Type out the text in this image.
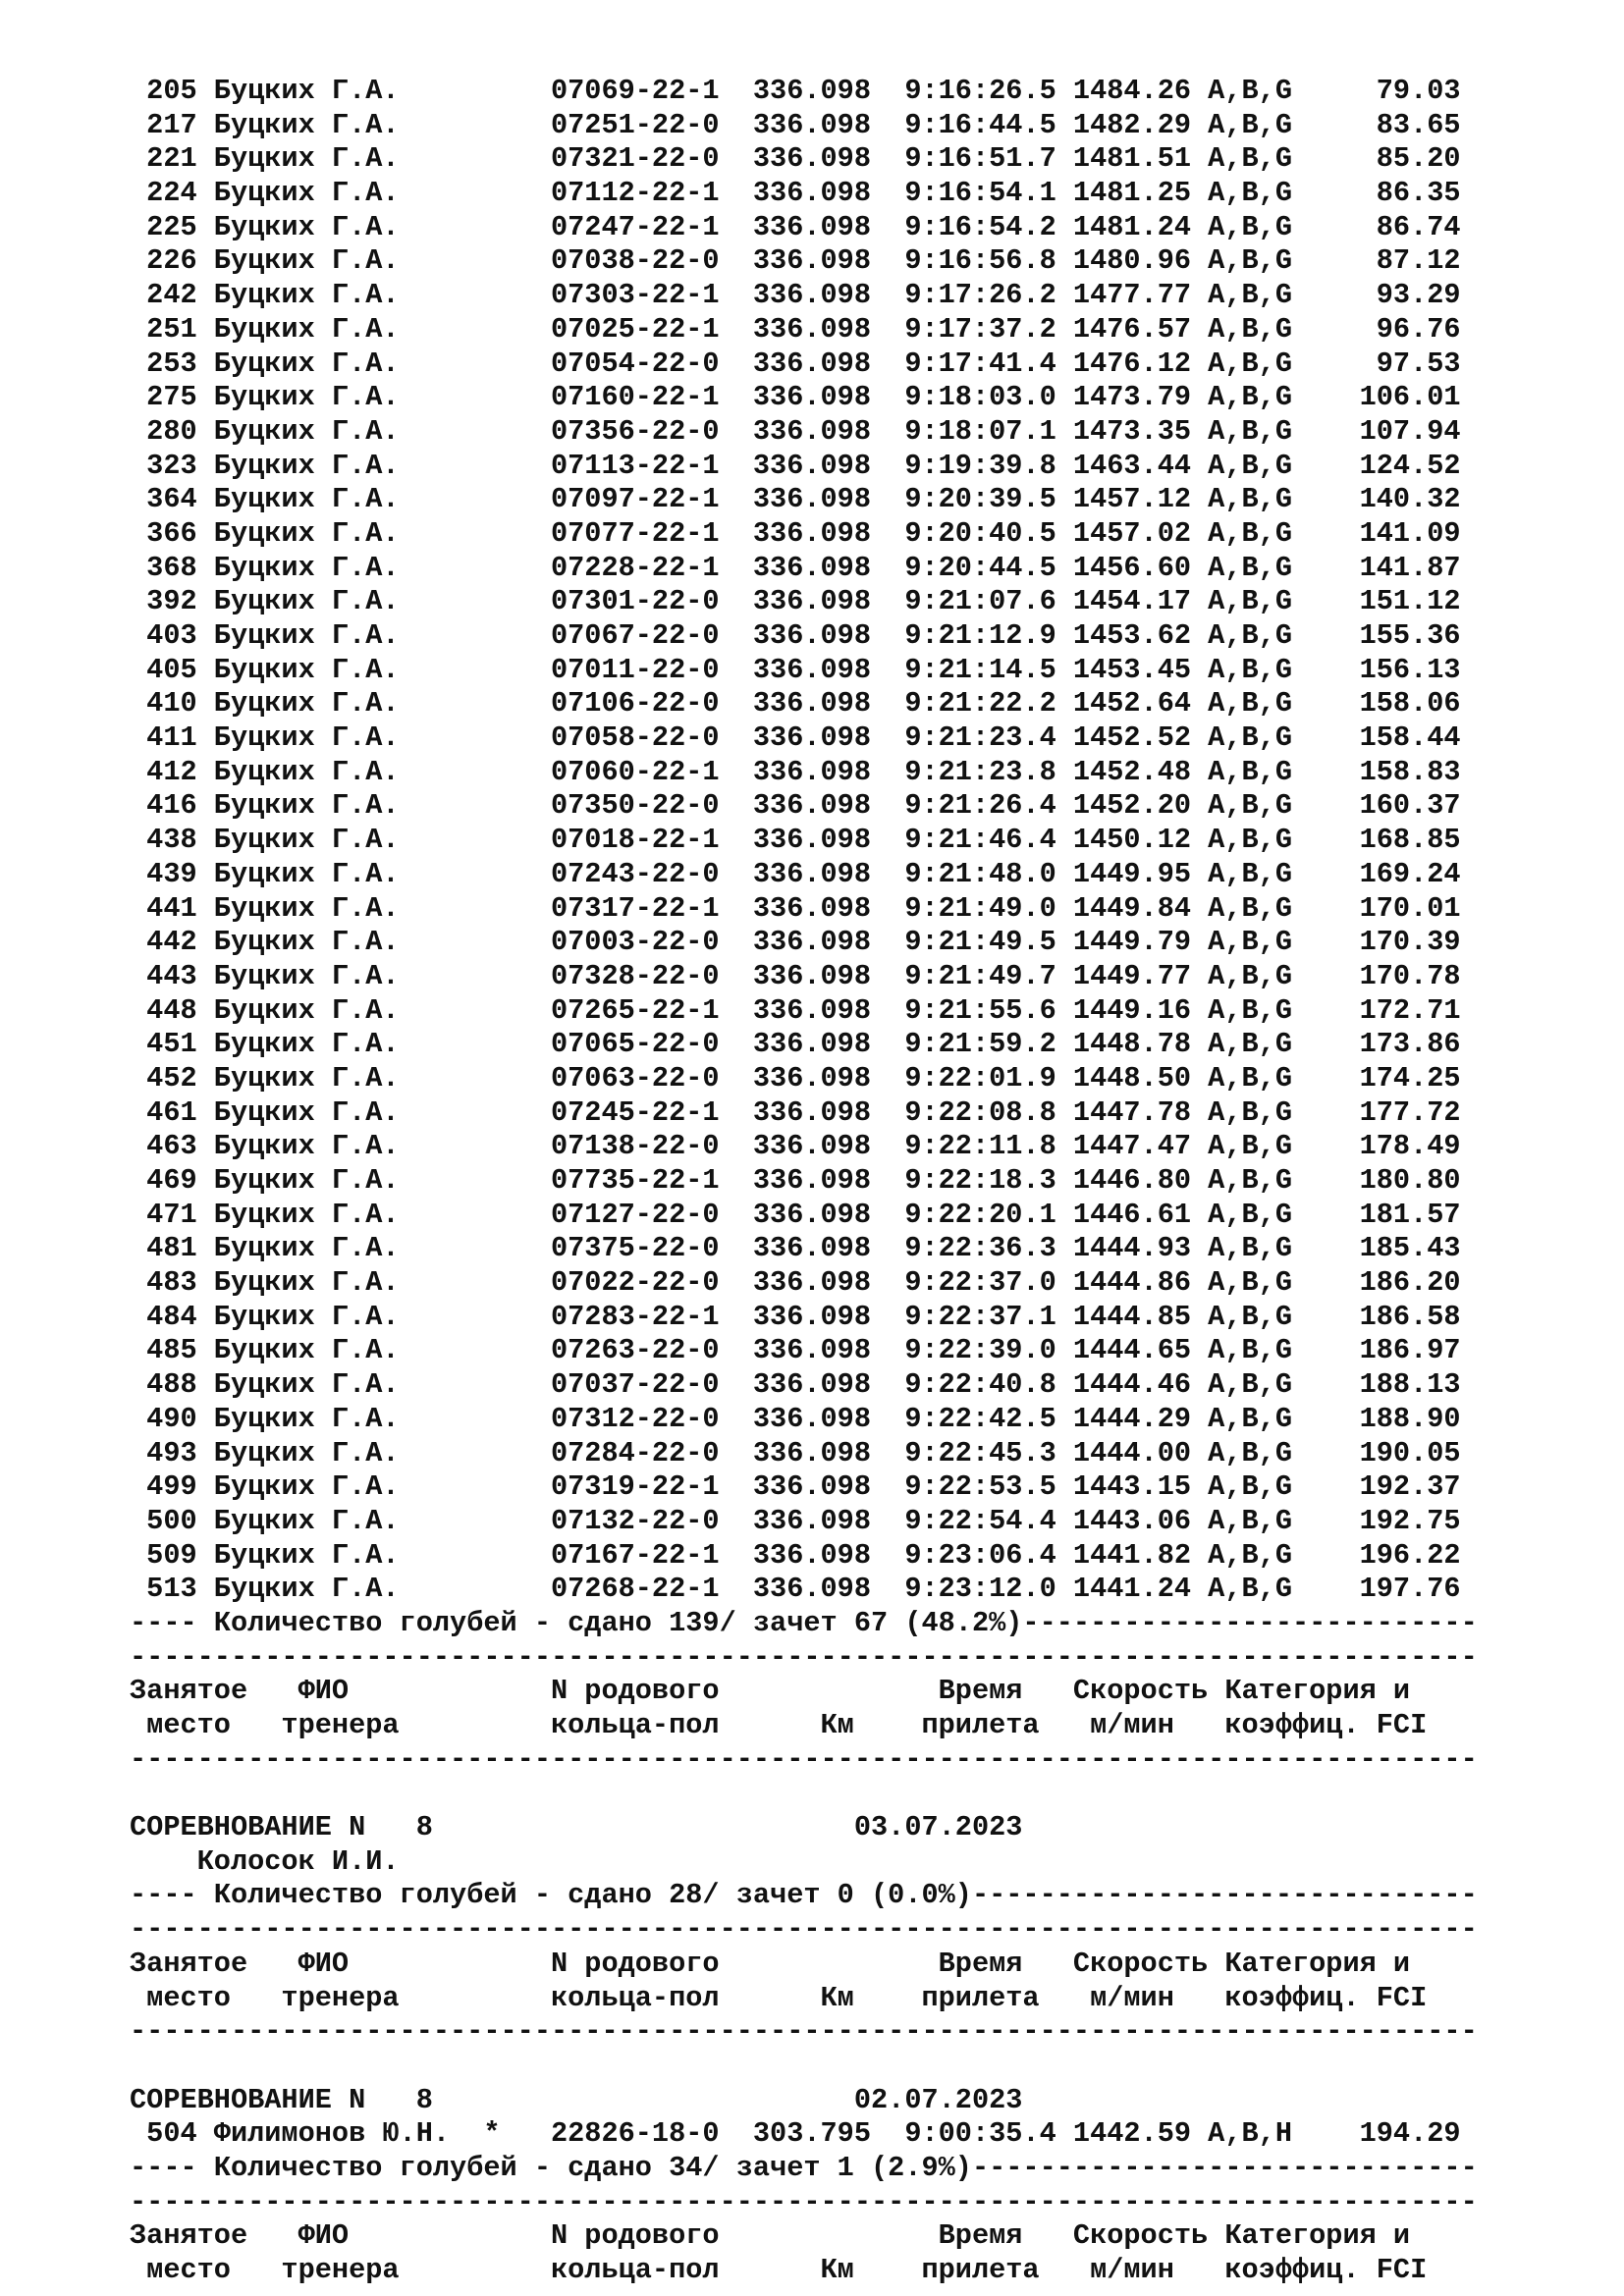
205 Буцких Г.А.         07069-22-1  336.098  9:16:26.5 1484.26 A,B,G     79.03
217 Буцких Г.А.         07251-22-0  336.098  9:16:44.5 1482.29 A,B,G     83.65
221 Буцких Г.А.         07321-22-0  336.098  9:16:51.7 1481.51 A,B,G     85.20
224 Буцких Г.А.         07112-22-1  336.098  9:16:54.1 1481.25 A,B,G     86.35
225 Буцких Г.А.         07247-22-1  336.098  9:16:54.2 1481.24 A,B,G     86.74
226 Буцких Г.А.         07038-22-0  336.098  9:16:56.8 1480.96 A,B,G     87.12
242 Буцких Г.А.         07303-22-1  336.098  9:17:26.2 1477.77 A,B,G     93.29
251 Буцких Г.А.         07025-22-1  336.098  9:17:37.2 1476.57 A,B,G     96.76
253 Буцких Г.А.         07054-22-0  336.098  9:17:41.4 1476.12 A,B,G     97.53
275 Буцких Г.А.         07160-22-1  336.098  9:18:03.0 1473.79 A,B,G    106.01
280 Буцких Г.А.         07356-22-0  336.098  9:18:07.1 1473.35 A,B,G    107.94
323 Буцких Г.А.         07113-22-1  336.098  9:19:39.8 1463.44 A,B,G    124.52
364 Буцких Г.А.         07097-22-1  336.098  9:20:39.5 1457.12 A,B,G    140.32
366 Буцких Г.А.         07077-22-1  336.098  9:20:40.5 1457.02 A,B,G    141.09
368 Буцких Г.А.         07228-22-1  336.098  9:20:44.5 1456.60 A,B,G    141.87
392 Буцких Г.А.         07301-22-0  336.098  9:21:07.6 1454.17 A,B,G    151.12
403 Буцких Г.А.         07067-22-0  336.098  9:21:12.9 1453.62 A,B,G    155.36
405 Буцких Г.А.         07011-22-0  336.098  9:21:14.5 1453.45 A,B,G    156.13
410 Буцких Г.А.         07106-22-0  336.098  9:21:22.2 1452.64 A,B,G    158.06
411 Буцких Г.А.         07058-22-0  336.098  9:21:23.4 1452.52 A,B,G    158.44
412 Буцких Г.А.         07060-22-1  336.098  9:21:23.8 1452.48 A,B,G    158.83
416 Буцких Г.А.         07350-22-0  336.098  9:21:26.4 1452.20 A,B,G    160.37
438 Буцких Г.А.         07018-22-1  336.098  9:21:46.4 1450.12 A,B,G    168.85
439 Буцких Г.А.         07243-22-0  336.098  9:21:48.0 1449.95 A,B,G    169.24
441 Буцких Г.А.         07317-22-1  336.098  9:21:49.0 1449.84 A,B,G    170.01
442 Буцких Г.А.         07003-22-0  336.098  9:21:49.5 1449.79 A,B,G    170.39
443 Буцких Г.А.         07328-22-0  336.098  9:21:49.7 1449.77 A,B,G    170.78
448 Буцких Г.А.         07265-22-1  336.098  9:21:55.6 1449.16 A,B,G    172.71
451 Буцких Г.А.         07065-22-0  336.098  9:21:59.2 1448.78 A,B,G    173.86
452 Буцких Г.А.         07063-22-0  336.098  9:22:01.9 1448.50 A,B,G    174.25
461 Буцких Г.А.         07245-22-1  336.098  9:22:08.8 1447.78 A,B,G    177.72
463 Буцких Г.А.         07138-22-0  336.098  9:22:11.8 1447.47 A,B,G    178.49
469 Буцких Г.А.         07735-22-1  336.098  9:22:18.3 1446.80 A,B,G    180.80
471 Буцких Г.А.         07127-22-0  336.098  9:22:20.1 1446.61 A,B,G    181.57
481 Буцких Г.А.         07375-22-0  336.098  9:22:36.3 1444.93 A,B,G    185.43
483 Буцких Г.А.         07022-22-0  336.098  9:22:37.0 1444.86 A,B,G    186.20
484 Буцких Г.А.         07283-22-1  336.098  9:22:37.1 1444.85 A,B,G    186.58
485 Буцких Г.А.         07263-22-0  336.098  9:22:39.0 1444.65 A,B,G    186.97
488 Буцких Г.А.         07037-22-0  336.098  9:22:40.8 1444.46 A,B,G    188.13
490 Буцких Г.А.         07312-22-0  336.098  9:22:42.5 1444.29 A,B,G    188.90
493 Буцких Г.А.         07284-22-0  336.098  9:22:45.3 1444.00 A,B,G    190.05
499 Буцких Г.А.         07319-22-1  336.098  9:22:53.5 1443.15 A,B,G    192.37
500 Буцких Г.А.         07132-22-0  336.098  9:22:54.4 1443.06 A,B,G    192.75
509 Буцких Г.А.         07167-22-1  336.098  9:23:06.4 1441.82 A,B,G    196.22
513 Буцких Г.А.         07268-22-1  336.098  9:23:12.0 1441.24 A,B,G    197.76
---- Количество голубей - сдано 139/ зачет 67 (48.2%)---------------------------
--------------------------------------------------------------------------------
Занятое   ФИО            N родового             Время   Скорость Категория и
место   тренера         кольца-пол      Км    прилета   м/мин   коэффиц. FCI
--------------------------------------------------------------------------------

СОРЕВНОВАНИЕ N   8                         03.07.2023
Колосок И.И.
---- Количество голубей - сдано 28/ зачет 0 (0.0%)------------------------------
--------------------------------------------------------------------------------
Занятое   ФИО            N родового             Время   Скорость Категория и
место   тренера         кольца-пол      Км    прилета   м/мин   коэффиц. FCI
--------------------------------------------------------------------------------

СОРЕВНОВАНИЕ N   8                         02.07.2023
504 Филимонов Ю.Н.  *   22826-18-0  303.795  9:00:35.4 1442.59 A,B,H    194.29
---- Количество голубей - сдано 34/ зачет 1 (2.9%)------------------------------
--------------------------------------------------------------------------------
Занятое   ФИО            N родового             Время   Скорость Категория и
место   тренера         кольца-пол      Км    прилета   м/мин   коэффиц. FCI
